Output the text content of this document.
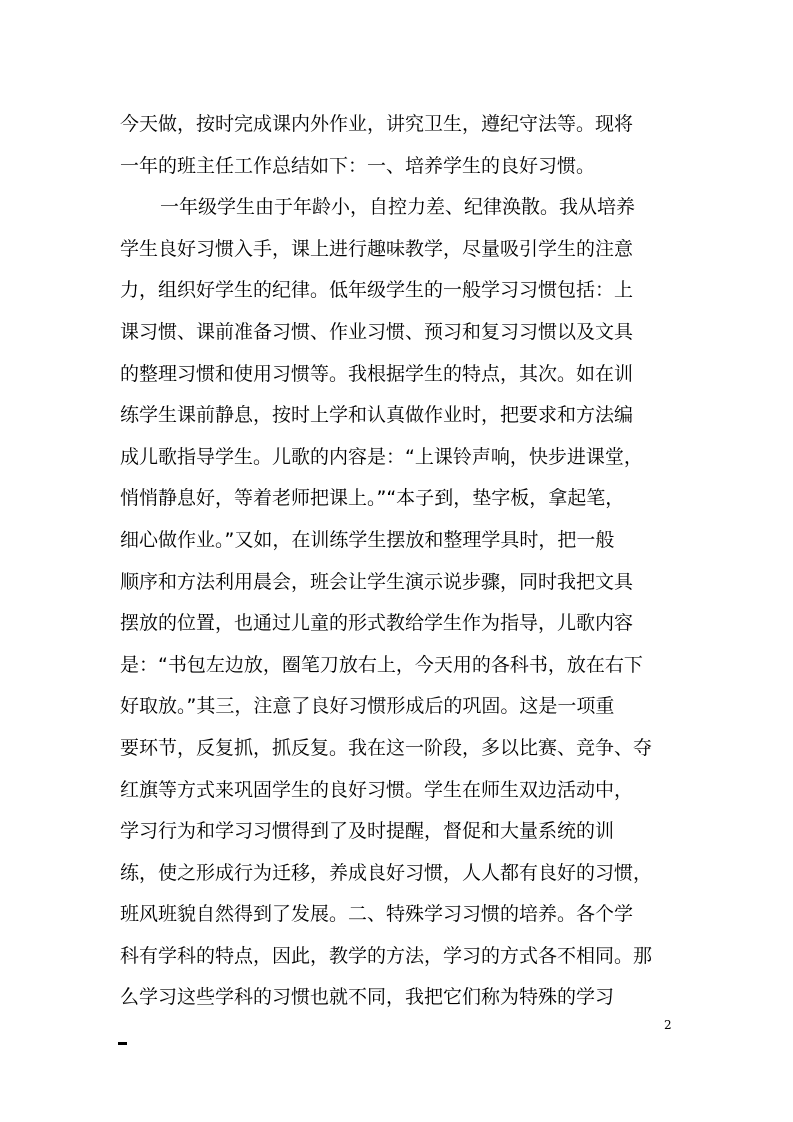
今天做，按时完成课内外作业，讲究卫生，遵纪守法等。现将
一年的班主任工作总结如下：一、培养学生的良好习惯。
一年级学生由于年龄小，自控力差、纪律涣散。我从培养
学生良好习惯入手，课上进行趣味教学，尽量吸引学生的注意
力，组织好学生的纪律。低年级学生的一般学习习惯包括：上
课习惯、课前准备习惯、作业习惯、预习和复习习惯以及文具
的整理习惯和使用习惯等。我根据学生的特点，其次。如在训
练学生课前静息，按时上学和认真做作业时，把要求和方法编
成儿歌指导学生。儿歌的内容是：“上课铃声响，快步进课堂，
悄悄静息好，等着老师把课上。”“本子到，垫字板，拿起笔，
细心做作业。”又如，在训练学生摆放和整理学具时，把一般
顺序和方法利用晨会，班会让学生演示说步骤，同时我把文具
摆放的位置，也通过儿童的形式教给学生作为指导，儿歌内容
是：“书包左边放，圈笔刀放右上，今天用的各科书，放在右下
好取放。”其三，注意了良好习惯形成后的巩固。这是一项重
要环节，反复抓，抓反复。我在这一阶段，多以比赛、竞争、夺
红旗等方式来巩固学生的良好习惯。学生在师生双边活动中，
学习行为和学习习惯得到了及时提醒，督促和大量系统的训
练，使之形成行为迁移，养成良好习惯，人人都有良好的习惯，
班风班貌自然得到了发展。二、特殊学习习惯的培养。各个学
科有学科的特点，因此，教学的方法，学习的方式各不相同。那
么学习这些学科的习惯也就不同，我把它们称为特殊的学习
2
